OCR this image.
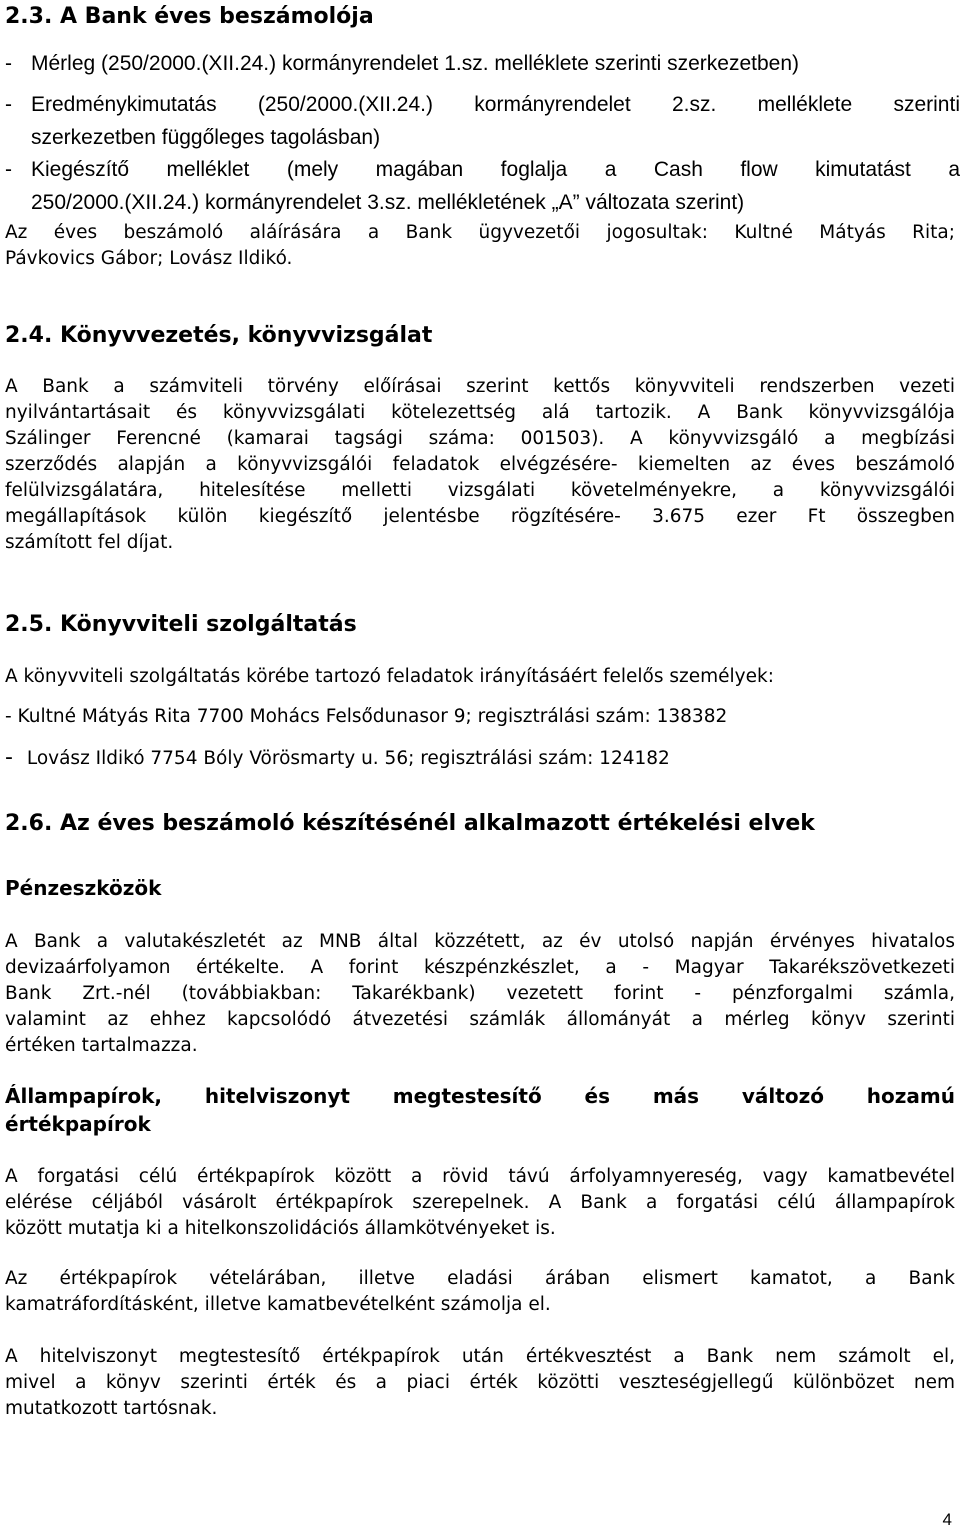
2.3. A Bank éves beszámolója
- Mérleg (250/2000.(XII.24.) kormányrendelet 1.sz. melléklete szerinti szerkezetben)
- Eredménykimutatás (250/2000.(XII.24.) kormányrendelet 2.sz. melléklete szerinti
szerkezetben függőleges tagolásban)
- Kiegészítő melléklet (mely magában foglalja a Cash flow kimutatást a
250/2000.(XII.24.) kormányrendelet 3.sz. mellékletének „A” változata szerint)
Az éves beszámoló aláírására a Bank ügyvezetői jogosultak: Kultné Mátyás Rita;
Pávkovics Gábor; Lovász Ildikó.
2.4. Könyvvezetés, könyvvizsgálat
A Bank a számviteli törvény előírásai szerint kettős könyvviteli rendszerben vezeti
nyilvántartásait és könyvvizsgálati kötelezettség alá tartozik. A Bank könyvvizsgálója
Szálinger Ferencné (kamarai tagsági száma: 001503). A könyvvizsgáló a megbízási
szerződés alapján a könyvvizsgálói feladatok elvégzésére- kiemelten az éves beszámoló
felülvizsgálatára, hitelesítése melletti vizsgálati követelményekre, a könyvvizsgálói
megállapítások külön kiegészítő jelentésbe rögzítésére- 3.675 ezer Ft összegben
számított fel díjat.
2.5. Könyvviteli szolgáltatás
A könyvviteli szolgáltatás körébe tartozó feladatok irányításáért felelős személyek:
- Kultné Mátyás Rita 7700 Mohács Felsődunasor 9; regisztrálási szám: 138382
- Lovász Ildikó 7754 Bóly Vörösmarty u. 56; regisztrálási szám: 124182
2.6. Az éves beszámoló készítésénél alkalmazott értékelési elvek
Pénzeszközök
A Bank a valutakészletét az MNB által közzétett, az év utolsó napján érvényes hivatalos
devizaárfolyamon értékelte. A forint készpénzkészlet, a - Magyar Takarékszövetkezeti
Bank Zrt.-nél (továbbiakban: Takarékbank) vezetett forint - pénzforgalmi számla,
valamint az ehhez kapcsolódó átvezetési számlák állományát a mérleg könyv szerinti
értéken tartalmazza.
Állampapírok, hitelviszonyt megtestesítő és más változó hozamú
értékpapírok
A forgatási célú értékpapírok között a rövid távú árfolyamnyereség, vagy kamatbevétel
elérése céljából vásárolt értékpapírok szerepelnek. A Bank a forgatási célú állampapírok
között mutatja ki a hitelkonszolidációs államkötvényeket is.
Az értékpapírok vételárában, illetve eladási árában elismert kamatot, a Bank
kamatráfordításként, illetve kamatbevételként számolja el.
A hitelviszonyt megtestesítő értékpapírok után értékvesztést a Bank nem számolt el,
mivel a könyv szerinti érték és a piaci érték közötti veszteségjellegű különbözet nem
mutatkozott tartósnak.
4
